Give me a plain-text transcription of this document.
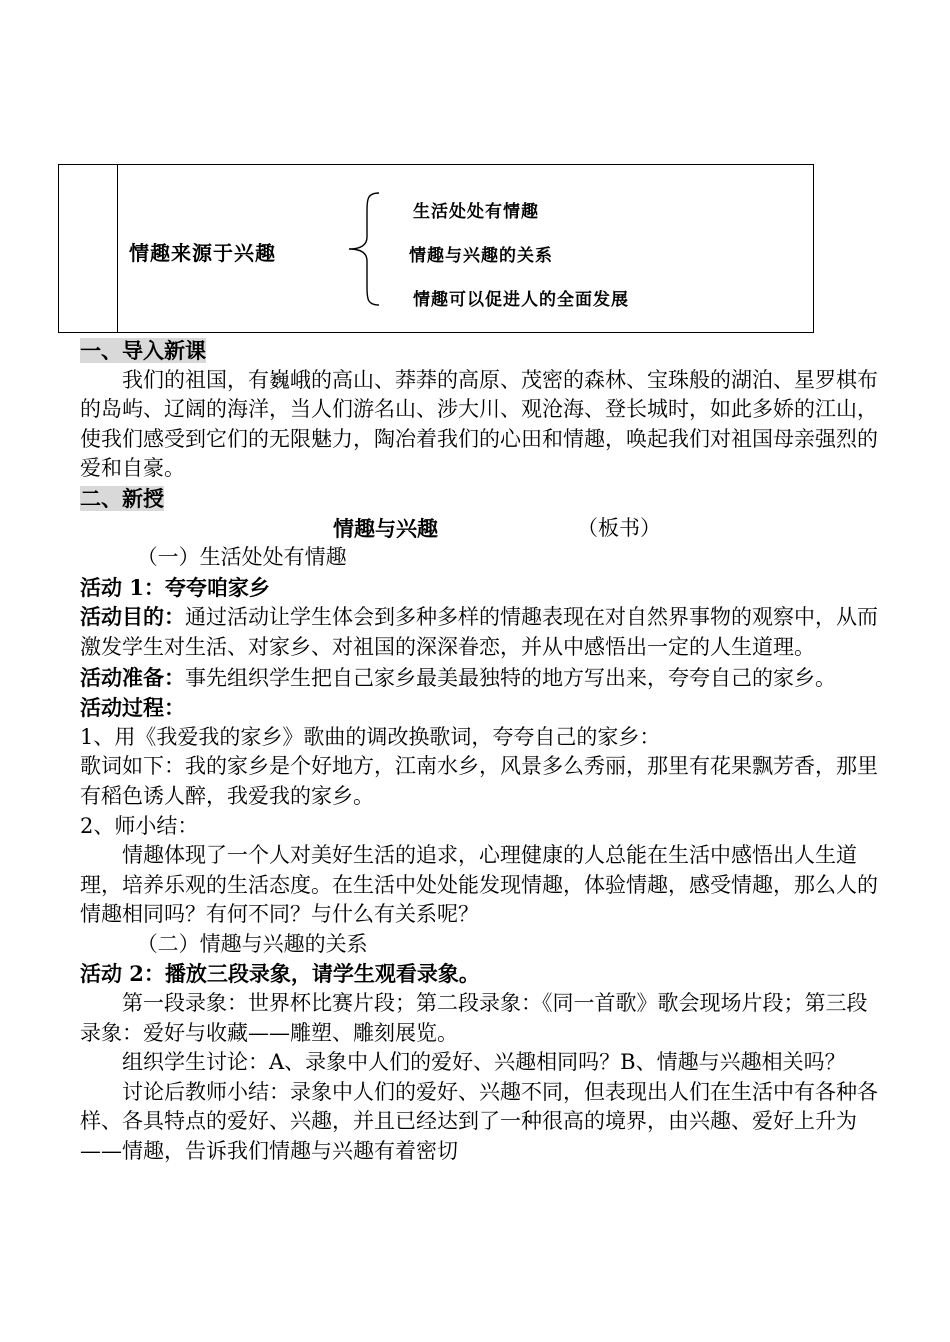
情趣来源于兴趣
生活处处有情趣
情趣与兴趣的关系
情趣可以促进人的全面发展

一、导入新课

我们的祖国，有巍峨的高山、莽莽的高原、茂密的森林、宝珠般的湖泊、星罗棋布的岛屿、辽阔的海洋，当人们游名山、涉大川、观沧海、登长城时，如此多娇的江山，使我们感受到它们的无限魅力，陶冶着我们的心田和情趣，唤起我们对祖国母亲强烈的爱和自豪。

二、新授

情趣与兴趣	（板书）

（一）生活处处有情趣

活动 1：夸夸咱家乡

活动目的：通过活动让学生体会到多种多样的情趣表现在对自然界事物的观察中，从而激发学生对生活、对家乡、对祖国的深深眷恋，并从中感悟出一定的人生道理。

活动准备：事先组织学生把自己家乡最美最独特的地方写出来，夸夸自己的家乡。

活动过程：

1、用《我爱我的家乡》歌曲的调改换歌词，夸夸自己的家乡：

歌词如下：我的家乡是个好地方，江南水乡，风景多么秀丽，那里有花果飘芳香，那里有稻色诱人醉，我爱我的家乡。

2、师小结：

情趣体现了一个人对美好生活的追求，心理健康的人总能在生活中感悟出人生道理，培养乐观的生活态度。在生活中处处能发现情趣，体验情趣，感受情趣，那么人的情趣相同吗？有何不同？与什么有关系呢？

（二）情趣与兴趣的关系

活动 2：播放三段录象，请学生观看录象。

第一段录象：世界杯比赛片段；第二段录象：《同一首歌》歌会现场片段；第三段录象：爱好与收藏——雕塑、雕刻展览。

组织学生讨论：A、录象中人们的爱好、兴趣相同吗？B、情趣与兴趣相关吗？

讨论后教师小结：录象中人们的爱好、兴趣不同，但表现出人们在生活中有各种各样、各具特点的爱好、兴趣，并且已经达到了一种很高的境界，由兴趣、爱好上升为——情趣，告诉我们情趣与兴趣有着密切
